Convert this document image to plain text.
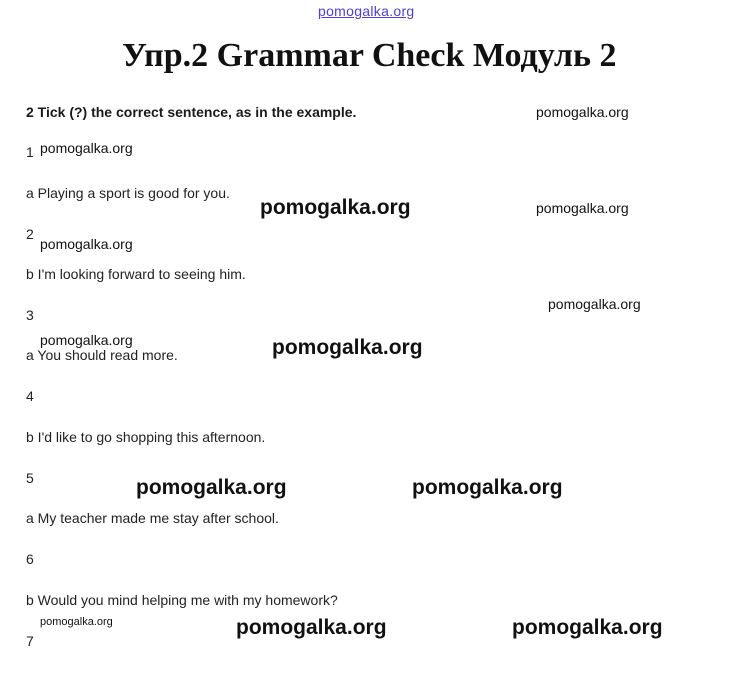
pomogalka.org
Упр.2 Grammar Check Модуль 2
2 Tick (?) the correct sentence, as in the example.
1
2
3
4
5
6
7
a Playing a sport is good for you.
b I'm looking forward to seeing him.
a You should read more.
b I'd like to go shopping this afternoon.
a My teacher made me stay after school.
b Would you mind helping me with my homework?
pomogalka.org
pomogalka.org
pomogalka.org	pomogalka.org
pomogalka.org
pomogalka.org
pomogalka.org	pomogalka.org
pomogalka.org	pomogalka.org
pomogalka.org	pomogalka.org	pomogalka.org
